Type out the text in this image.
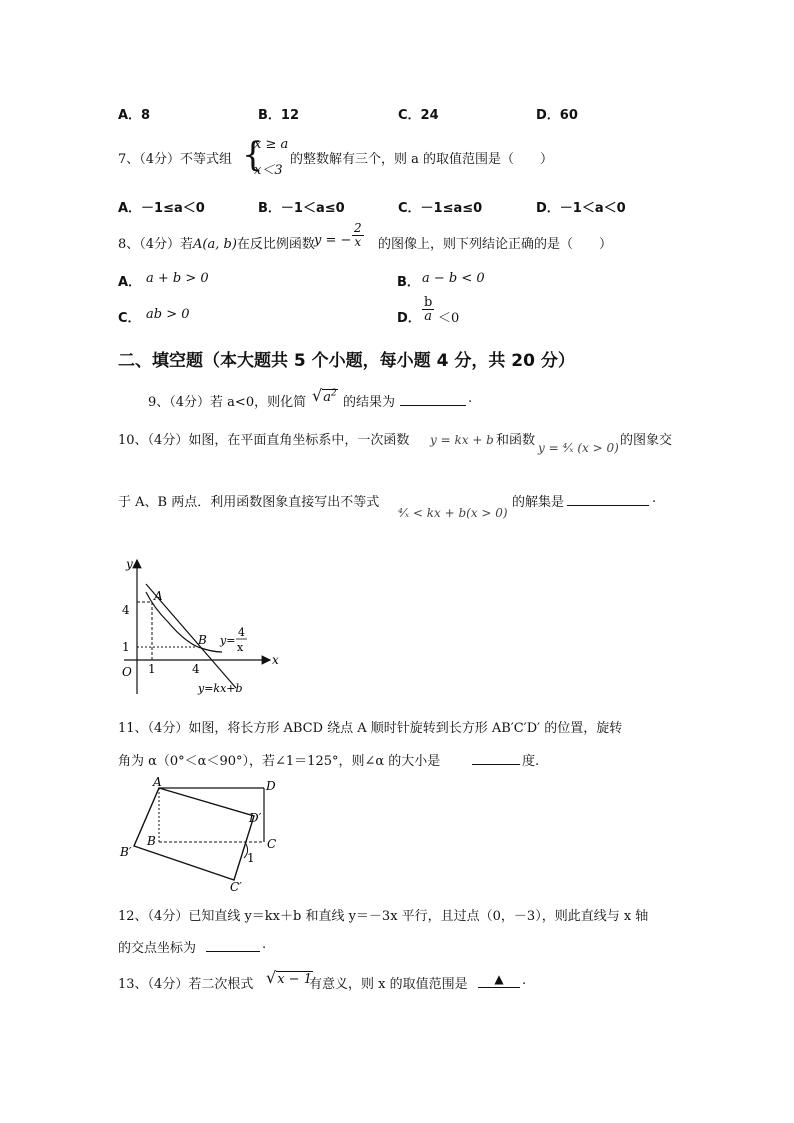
A．8	B．12	C．24	D．60
7、（4分）不等式组 {
x ≥ a
x＜3
的整数解有三个，则 a 的取值范围是（　　）
A．－1≤a＜0	B．－1＜a≤0	C．－1≤a≤0	D．－1＜a＜0
8、（4分）若A(a, b)在反比例函数 y = − $\frac{2}{x}$ 的图像上，则下列结论正确的是（　　）
A． a + b > 0	B． a − b < 0
C． ab > 0	D． $\frac{b}{a} <0$
二、填空题（本大题共 5 个小题，每小题 4 分，共 20 分）
9、（4分）若 a<0，则化简 $√a^2$
的结果为	.
10、（4分）如图，在平面直角坐标系中，一次函数 y = kx + b 和函数 y = ⁴⁄ₓ (x > 0) 的图象交
于 A、B 两点．利用函数图象直接写出不等式
⁴⁄ₓ < kx + b(x > 0)
的解集是	.
y
x
O
4
1
1	4
A
B y=
4
x
y=kx+b
11、（4分）如图，将长方形 ABCD 绕点 A 顺时针旋转到长方形 AB′C′D′ 的位置，旋转
角为 α（0°＜α＜90°），若∠1＝125°，则∠α 的大小是	度.
A	D
D′
B	C
B′
C′
1
12、（4分）已知直线 y＝kx＋b 和直线 y＝－3x 平行，且过点（0，－3），则此直线与 x 轴
的交点坐标为	.
13、（4分）若二次根式 √x − 1
有意义，则 x 的取值范围是	▲	.
